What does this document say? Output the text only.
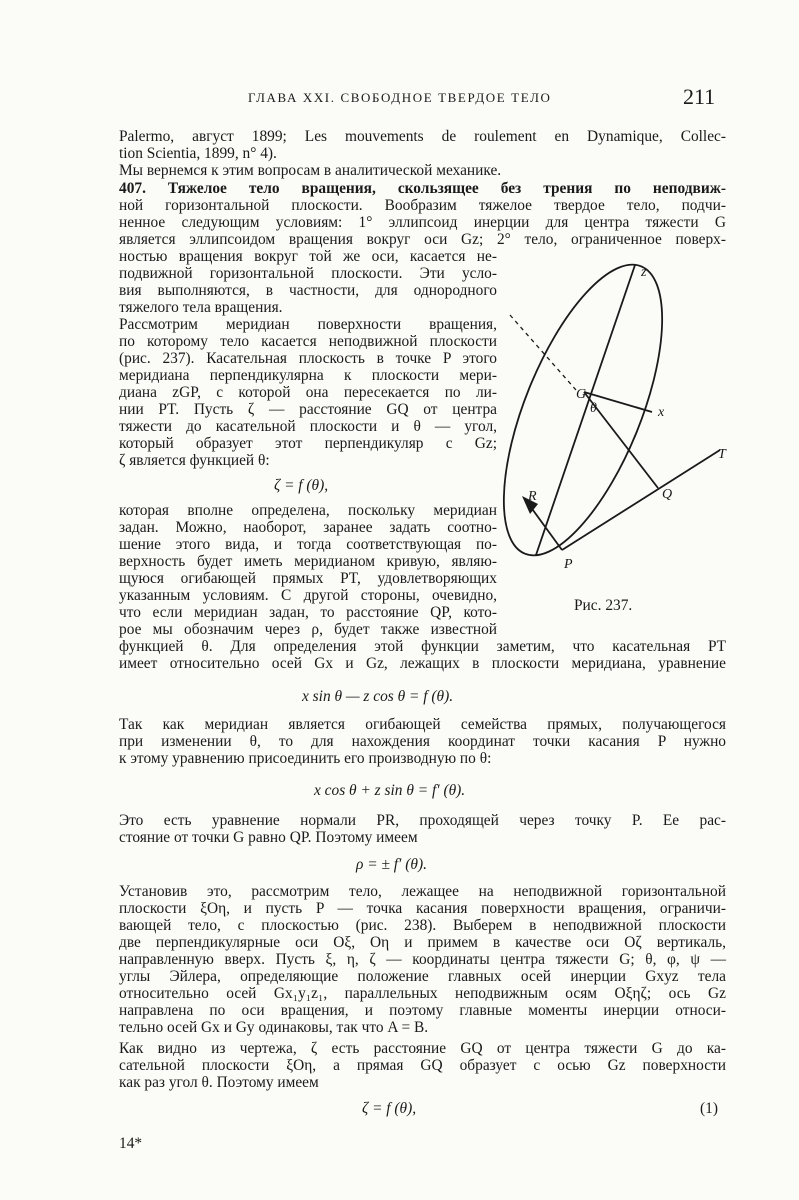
ГЛАВА XXI. СВОБОДНОЕ ТВЕРДОЕ ТЕЛО	211
Palermo, август 1899; Les mouvements de roulement en Dynamique, Collec-
tion Scientia, 1899, n° 4).
Мы вернемся к этим вопросам в аналитической механике.
407. Тяжелое тело вращения, скользящее без трения по неподвиж-
ной горизонтальной плоскости. Вообразим тяжелое твердое тело, подчи-
ненное следующим условиям: 1° эллипсоид инерции для центра тяжести G
является эллипсоидом вращения вокруг оси Gz; 2° тело, ограниченное поверх-
ностью вращения вокруг той же оси, касается не-
подвижной горизонтальной плоскости. Эти усло-
вия выполняются, в частности, для однородного
тяжелого тела вращения.
Рассмотрим меридиан поверхности вращения,
по которому тело касается неподвижной плоскости
(рис. 237). Касательная плоскость в точке P этого
меридиана перпендикулярна к плоскости мери-
диана zGP, с которой она пересекается по ли-
нии PT. Пусть ζ — расстояние GQ от центра
тяжести до касательной плоскости и θ — угол,
который образует этот перпендикуляр с Gz;
ζ является функцией θ:
ζ = f (θ),
которая вполне определена, поскольку меридиан
задан. Можно, наоборот, заранее задать соотно-
шение этого вида, и тогда соответствующая по-
верхность будет иметь меридианом кривую, являю-
щуюся огибающей прямых PT, удовлетворяющих
указанным условиям. С другой стороны, очевидно,
что если меридиан задан, то расстояние QP, кото-
рое мы обозначим через ρ, будет также известной
функцией θ. Для определения этой функции заметим, что касательная PT
имеет относительно осей Gx и Gz, лежащих в плоскости меридиана, уравнение
x sin θ — z cos θ = f (θ).
Так как меридиан является огибающей семейства прямых, получающегося
при изменении θ, то для нахождения координат точки касания P нужно
к этому уравнению присоединить его производную по θ:
x cos θ + z sin θ = f′ (θ).
Это есть уравнение нормали PR, проходящей через точку P. Ее рас-
стояние от точки G равно QP. Поэтому имеем
ρ = ± f′ (θ).
Установив это, рассмотрим тело, лежащее на неподвижной горизонтальной
плоскости ξOη, и пусть P — точка касания поверхности вращения, ограничи-
вающей тело, с плоскостью (рис. 238). Выберем в неподвижной плоскости
две перпендикулярные оси Oξ, Oη и примем в качестве оси Oζ вертикаль,
направленную вверх. Пусть ξ, η, ζ — координаты центра тяжести G; θ, φ, ψ —
углы Эйлера, определяющие положение главных осей инерции Gxyz тела
относительно осей Gx₁y₁z₁, параллельных неподвижным осям Oξηζ; ось Gz
направлена по оси вращения, и поэтому главные моменты инерции относи-
тельно осей Gx и Gy одинаковы, так что A = B.
Как видно из чертежа, ζ есть расстояние GQ от центра тяжести G до ка-
сательной плоскости ξOη, а прямая GQ образует с осью Gz поверхности
как раз угол θ. Поэтому имеем
ζ = f (θ),	(1)
z
G
θ	x
T
Q
R
P
Рис. 237.
14*
